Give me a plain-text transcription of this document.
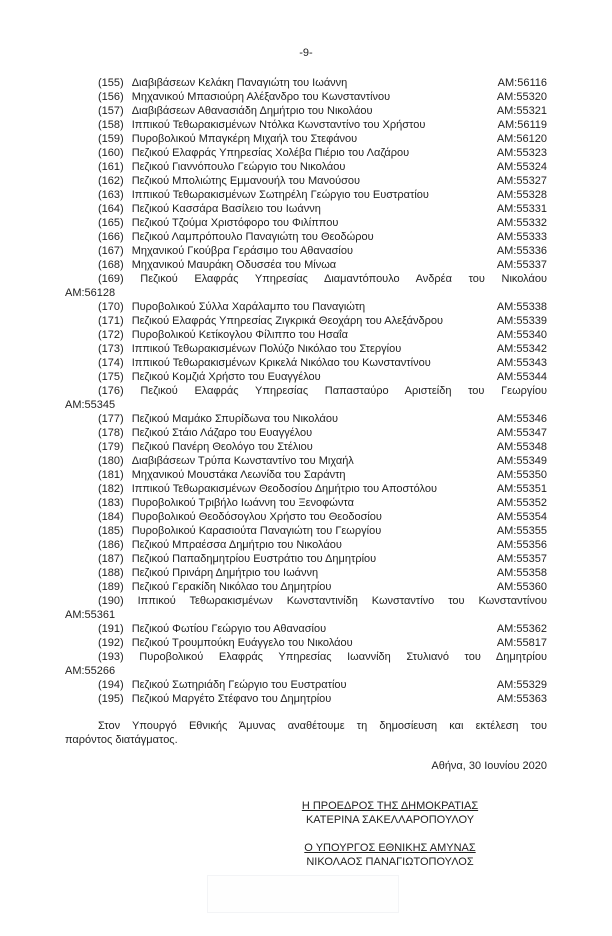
-9-
(155) Διαβιβάσεων Κελάκη Παναγιώτη του Ιωάννη	AM:56116
(156) Μηχανικού Μπασιούρη Αλέξανδρο του Κωνσταντίνου	AM:55320
(157) Διαβιβάσεων Αθανασιάδη Δημήτριο του Νικολάου	AM:55321
(158) Ιππικού Τεθωρακισμένων Ντόλκα Κωνσταντίνο του Χρήστου	AM:56119
(159) Πυροβολικού Μπαγκέρη Μιχαήλ του Στεφάνου	AM:56120
(160) Πεζικού Ελαφράς Υπηρεσίας Χολέβα Πιέριο του Λαζάρου	AM:55323
(161) Πεζικού Γιαννόπουλο Γεώργιο του Νικολάου	AM:55324
(162) Πεζικού Μπολιώτης Εμμανουήλ του Μανούσου	AM:55327
(163) Ιππικού Τεθωρακισμένων Σωτηρέλη Γεώργιο του Ευστρατίου	AM:55328
(164) Πεζικού Κασσάρα Βασίλειο του Ιωάννη	AM:55331
(165) Πεζικού Τζούμα Χριστόφορο του Φιλίππου	AM:55332
(166) Πεζικού Λαμπρόπουλο Παναγιώτη του Θεοδώρου	AM:55333
(167) Μηχανικού Γκούβρα Γεράσιμο του Αθανασίου	AM:55336
(168) Μηχανικού Μαυράκη Οδυσσέα του Μίνωα	AM:55337
(169) Πεζικού Ελαφράς Υπηρεσίας Διαμαντόπουλο Ανδρέα του Νικολάου
AM:56128
(170) Πυροβολικού Σύλλα Χαράλαμπο του Παναγιώτη	AM:55338
(171) Πεζικού Ελαφράς Υπηρεσίας Ζιγκρικά Θεοχάρη του Αλεξάνδρου	AM:55339
(172) Πυροβολικού Κετίκογλου Φίλιππο του Ησαΐα	AM:55340
(173) Ιππικού Τεθωρακισμένων Πολύζο Νικόλαο του Στεργίου	AM:55342
(174) Ιππικού Τεθωρακισμένων Κρικελά Νικόλαο του Κωνσταντίνου	AM:55343
(175) Πεζικού Κομζιά Χρήστο του Ευαγγέλου	AM:55344
(176) Πεζικού Ελαφράς Υπηρεσίας Παπασταύρο Αριστείδη του Γεωργίου
AM:55345
(177) Πεζικού Μαμάκο Σπυρίδωνα του Νικολάου	AM:55346
(178) Πεζικού Στάιο Λάζαρο του Ευαγγέλου	AM:55347
(179) Πεζικού Πανέρη Θεολόγο του Στέλιου	AM:55348
(180) Διαβιβάσεων Τρύπα Κωνσταντίνο του Μιχαήλ	AM:55349
(181) Μηχανικού Μουστάκα Λεωνίδα του Σαράντη	AM:55350
(182) Ιππικού Τεθωρακισμένων Θεοδοσίου Δημήτριο του Αποστόλου	AM:55351
(183) Πυροβολικού Τριβήλο Ιωάννη του Ξενοφώντα	AM:55352
(184) Πυροβολικού Θεοδόσογλου Χρήστο του Θεοδοσίου	AM:55354
(185) Πυροβολικού Καρασιούτα Παναγιώτη του Γεωργίου	AM:55355
(186) Πεζικού Μπραέσσα Δημήτριο του Νικολάου	AM:55356
(187) Πεζικού Παπαδημητρίου Ευστράτιο του Δημητρίου	AM:55357
(188) Πεζικού Πρινάρη Δημήτριο του Ιωάννη	AM:55358
(189) Πεζικού Γερακίδη Νικόλαο του Δημητρίου	AM:55360
(190) Ιππικού Τεθωρακισμένων Κωνσταντινίδη Κωνσταντίνο του Κωνσταντίνου
AM:55361
(191) Πεζικού Φωτίου Γεώργιο του Αθανασίου	AM:55362
(192) Πεζικού Τρουμπούκη Ευάγγελο του Νικολάου	AM:55817
(193) Πυροβολικού Ελαφράς Υπηρεσίας Ιωαννίδη Στυλιανό του Δημητρίου
AM:55266
(194) Πεζικού Σωτηριάδη Γεώργιο του Ευστρατίου	AM:55329
(195) Πεζικού Μαργέτο Στέφανο του Δημητρίου	AM:55363
Στον Υπουργό Εθνικής Άμυνας αναθέτουμε τη δημοσίευση και εκτέλεση του
παρόντος διατάγματος.
Αθήνα, 30 Ιουνίου 2020
Η ΠΡΟΕΔΡΟΣ ΤΗΣ ΔΗΜΟΚΡΑΤΙΑΣ
ΚΑΤΕΡΙΝΑ ΣΑΚΕΛΛΑΡΟΠΟΥΛΟΥ
Ο ΥΠΟΥΡΓΟΣ ΕΘΝΙΚΗΣ ΑΜΥΝΑΣ
ΝΙΚΟΛΑΟΣ ΠΑΝΑΓΙΩΤΟΠΟΥΛΟΣ
